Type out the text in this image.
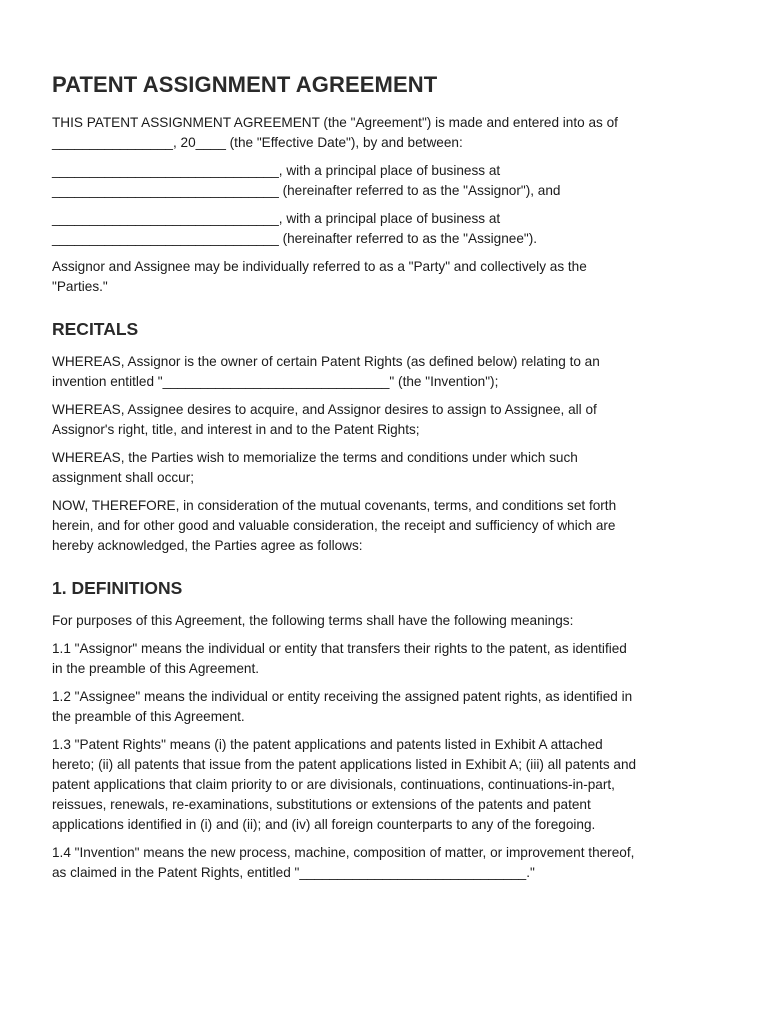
PATENT ASSIGNMENT AGREEMENT

THIS PATENT ASSIGNMENT AGREEMENT (the "Agreement") is made and entered into as of
________________, 20____ (the "Effective Date"), by and between:

______________________________, with a principal place of business at
______________________________ (hereinafter referred to as the "Assignor"), and

______________________________, with a principal place of business at
______________________________ (hereinafter referred to as the "Assignee").

Assignor and Assignee may be individually referred to as a "Party" and collectively as the
"Parties."

RECITALS

WHEREAS, Assignor is the owner of certain Patent Rights (as defined below) relating to an
invention entitled "______________________________" (the "Invention");

WHEREAS, Assignee desires to acquire, and Assignor desires to assign to Assignee, all of
Assignor's right, title, and interest in and to the Patent Rights;

WHEREAS, the Parties wish to memorialize the terms and conditions under which such
assignment shall occur;

NOW, THEREFORE, in consideration of the mutual covenants, terms, and conditions set forth
herein, and for other good and valuable consideration, the receipt and sufficiency of which are
hereby acknowledged, the Parties agree as follows:

1. DEFINITIONS

For purposes of this Agreement, the following terms shall have the following meanings:

1.1 "Assignor" means the individual or entity that transfers their rights to the patent, as identified
in the preamble of this Agreement.

1.2 "Assignee" means the individual or entity receiving the assigned patent rights, as identified in
the preamble of this Agreement.

1.3 "Patent Rights" means (i) the patent applications and patents listed in Exhibit A attached
hereto; (ii) all patents that issue from the patent applications listed in Exhibit A; (iii) all patents and
patent applications that claim priority to or are divisionals, continuations, continuations-in-part,
reissues, renewals, re-examinations, substitutions or extensions of the patents and patent
applications identified in (i) and (ii); and (iv) all foreign counterparts to any of the foregoing.

1.4 "Invention" means the new process, machine, composition of matter, or improvement thereof,
as claimed in the Patent Rights, entitled "______________________________."
